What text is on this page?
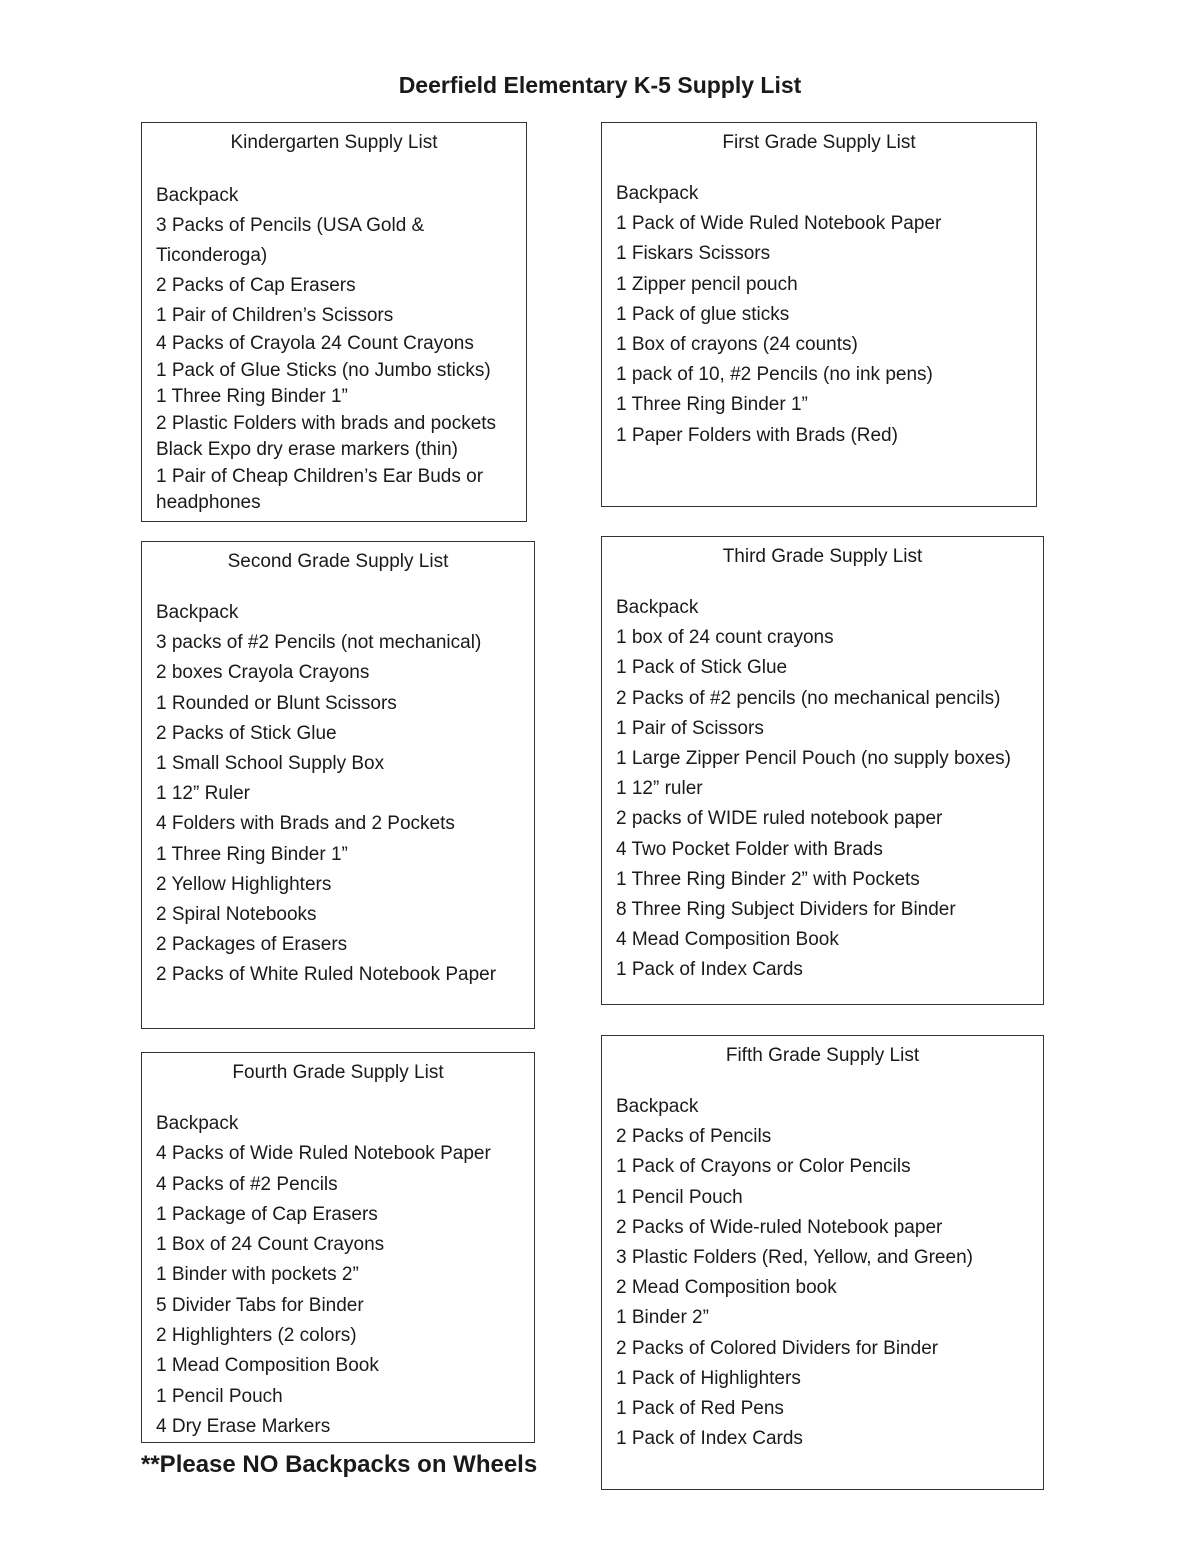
Deerfield Elementary K-5 Supply List
Kindergarten Supply List
Backpack
3 Packs of Pencils (USA Gold & Ticonderoga)
2 Packs of Cap Erasers
1 Pair of Children’s Scissors
4 Packs of Crayola 24 Count Crayons
1 Pack of Glue Sticks (no Jumbo sticks)
1 Three Ring Binder 1”
2 Plastic Folders with brads and pockets
Black Expo dry erase markers (thin)
1 Pair of Cheap Children’s Ear Buds or headphones
First Grade Supply List
Backpack
1 Pack of Wide Ruled Notebook Paper
1 Fiskars Scissors
1 Zipper pencil pouch
1 Pack of glue sticks
1 Box of crayons (24 counts)
1 pack of 10, #2 Pencils (no ink pens)
1 Three Ring Binder 1”
1 Paper Folders with Brads (Red)
Second Grade Supply List
Backpack
3 packs of #2 Pencils (not mechanical)
2 boxes Crayola Crayons
1 Rounded or Blunt Scissors
2 Packs of Stick Glue
1 Small School Supply Box
1 12” Ruler
4 Folders with Brads and 2 Pockets
1 Three Ring Binder 1”
2 Yellow Highlighters
2 Spiral Notebooks
2 Packages of Erasers
2 Packs of White Ruled Notebook Paper
Third Grade Supply List
Backpack
1 box of 24 count crayons
1 Pack of Stick Glue
2 Packs of #2 pencils (no mechanical pencils)
1 Pair of Scissors
1 Large Zipper Pencil Pouch (no supply boxes)
1 12” ruler
2 packs of WIDE ruled notebook paper
4 Two Pocket Folder with Brads
1 Three Ring Binder 2” with Pockets
8 Three Ring Subject Dividers for Binder
4 Mead Composition Book
1 Pack of Index Cards
Fourth Grade Supply List
Backpack
4 Packs of Wide Ruled Notebook Paper
4 Packs of #2 Pencils
1 Package of Cap Erasers
1 Box of 24 Count Crayons
1 Binder with pockets 2”
5 Divider Tabs for Binder
2 Highlighters (2 colors)
1 Mead Composition Book
1 Pencil Pouch
4 Dry Erase Markers
Fifth Grade Supply List
Backpack
2 Packs of Pencils
1 Pack of Crayons or Color Pencils
1 Pencil Pouch
2 Packs of Wide-ruled Notebook paper
3 Plastic Folders (Red, Yellow, and Green)
2 Mead Composition book
1 Binder 2”
2 Packs of Colored Dividers for Binder
1 Pack of Highlighters
1 Pack of Red Pens
1 Pack of Index Cards
**Please NO Backpacks on Wheels
